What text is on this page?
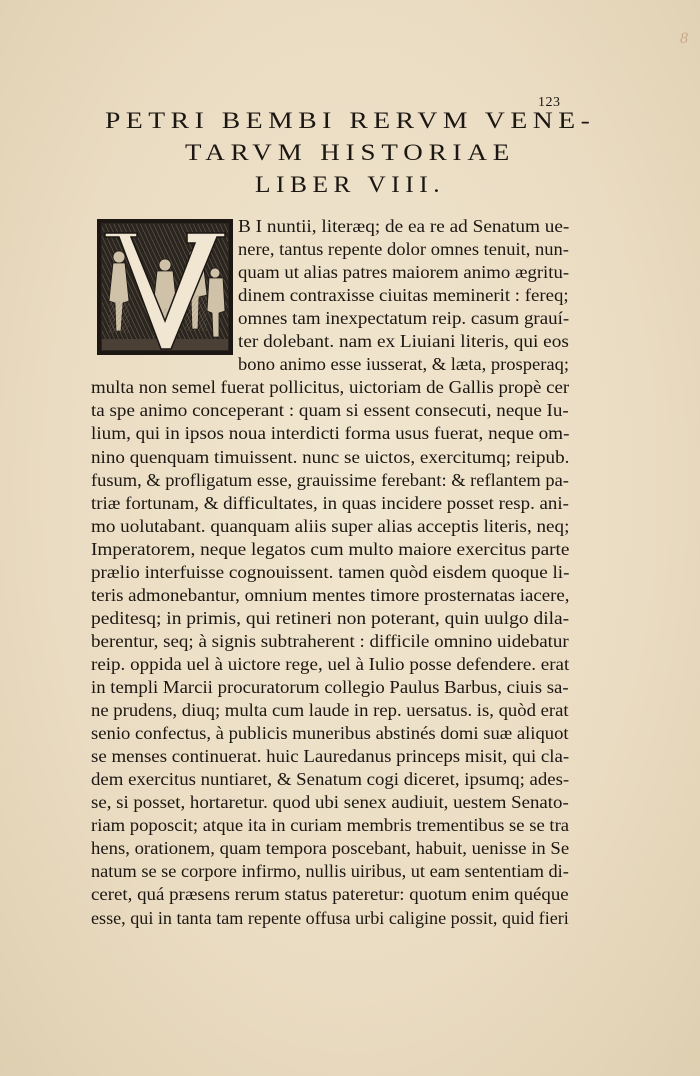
8
123
PETRI BEMBI RERVM VENE-
TARVM HISTORIAE
LIBER VIII.
B I nuntii, literæq; de ea re ad Senatum ue-
nere, tantus repente dolor omnes tenuit, nun-
quam ut alias patres maiorem animo ægritu-
dinem contraxisse ciuitas meminerit : fereq;
omnes tam inexpectatum reip. casum grauí-
ter dolebant. nam ex Liuiani literis, qui eos
bono animo esse iusserat, & læta, prosperaq;
multa non semel fuerat pollicitus, uictoriam de Gallis propè cer
ta spe animo conceperant : quam si essent consecuti, neque Iu-
lium, qui in ipsos noua interdicti forma usus fuerat, neque om-
nino quenquam timuissent. nunc se uictos, exercitumq; reipub.
fusum, & profligatum esse, grauissime ferebant: & reflantem pa-
triæ fortunam, & difficultates, in quas incidere posset resp. ani-
mo uolutabant. quanquam aliis super alias acceptis literis, neq;
Imperatorem, neque legatos cum multo maiore exercitus parte
prælio interfuisse cognouissent. tamen quòd eisdem quoque li-
teris admonebantur, omnium mentes timore prosternatas iacere,
peditesq; in primis, qui retineri non poterant, quin uulgo dila-
berentur, seq; à signis subtraherent : difficile omnino uidebatur
reip. oppida uel à uictore rege, uel à Iulio posse defendere. erat
in templi Marcii procuratorum collegio Paulus Barbus, ciuis sa-
ne prudens, diuq; multa cum laude in rep. uersatus. is, quòd erat
senio confectus, à publicis muneribus abstinés domi suæ aliquot
se menses continuerat. huic Lauredanus princeps misit, qui cla-
dem exercitus nuntiaret, & Senatum cogi diceret, ipsumq; ades-
se, si posset, hortaretur. quod ubi senex audiuit, uestem Senato-
riam poposcit; atque ita in curiam membris trementibus se se tra
hens, orationem, quam tempora poscebant, habuit, uenisse in Se
natum se se corpore infirmo, nullis uiribus, ut eam sententiam di-
ceret, quá præsens rerum status pateretur: quotum enim quéque
esse, qui in tanta tam repente offusa urbi caligine possit, quid fieri
